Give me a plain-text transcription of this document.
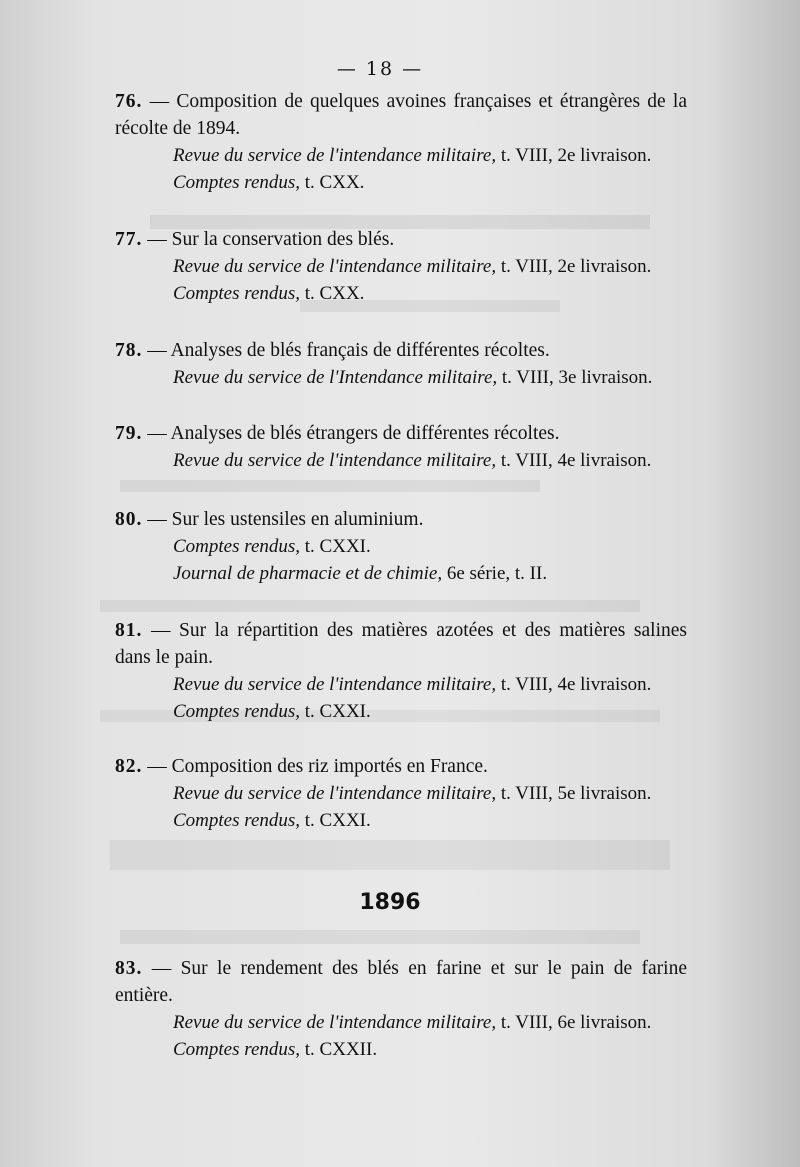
— 18 —
76. — Composition de quelques avoines françaises et étrangères de la récolte de 1894.
Revue du service de l'intendance militaire, t. VIII, 2e livraison.
Comptes rendus, t. CXX.
77. — Sur la conservation des blés.
Revue du service de l'intendance militaire, t. VIII, 2e livraison.
Comptes rendus, t. CXX.
78. — Analyses de blés français de différentes récoltes.
Revue du service de l'Intendance militaire, t. VIII, 3e livraison.
79. — Analyses de blés étrangers de différentes récoltes.
Revue du service de l'intendance militaire, t. VIII, 4e livraison.
80. — Sur les ustensiles en aluminium.
Comptes rendus, t. CXXI.
Journal de pharmacie et de chimie, 6e série, t. II.
81. — Sur la répartition des matières azotées et des matières salines dans le pain.
Revue du service de l'intendance militaire, t. VIII, 4e livraison.
Comptes rendus, t. CXXI.
82. — Composition des riz importés en France.
Revue du service de l'intendance militaire, t. VIII, 5e livraison.
Comptes rendus, t. CXXI.
1896
83. — Sur le rendement des blés en farine et sur le pain de farine entière.
Revue du service de l'intendance militaire, t. VIII, 6e livraison.
Comptes rendus, t. CXXII.
